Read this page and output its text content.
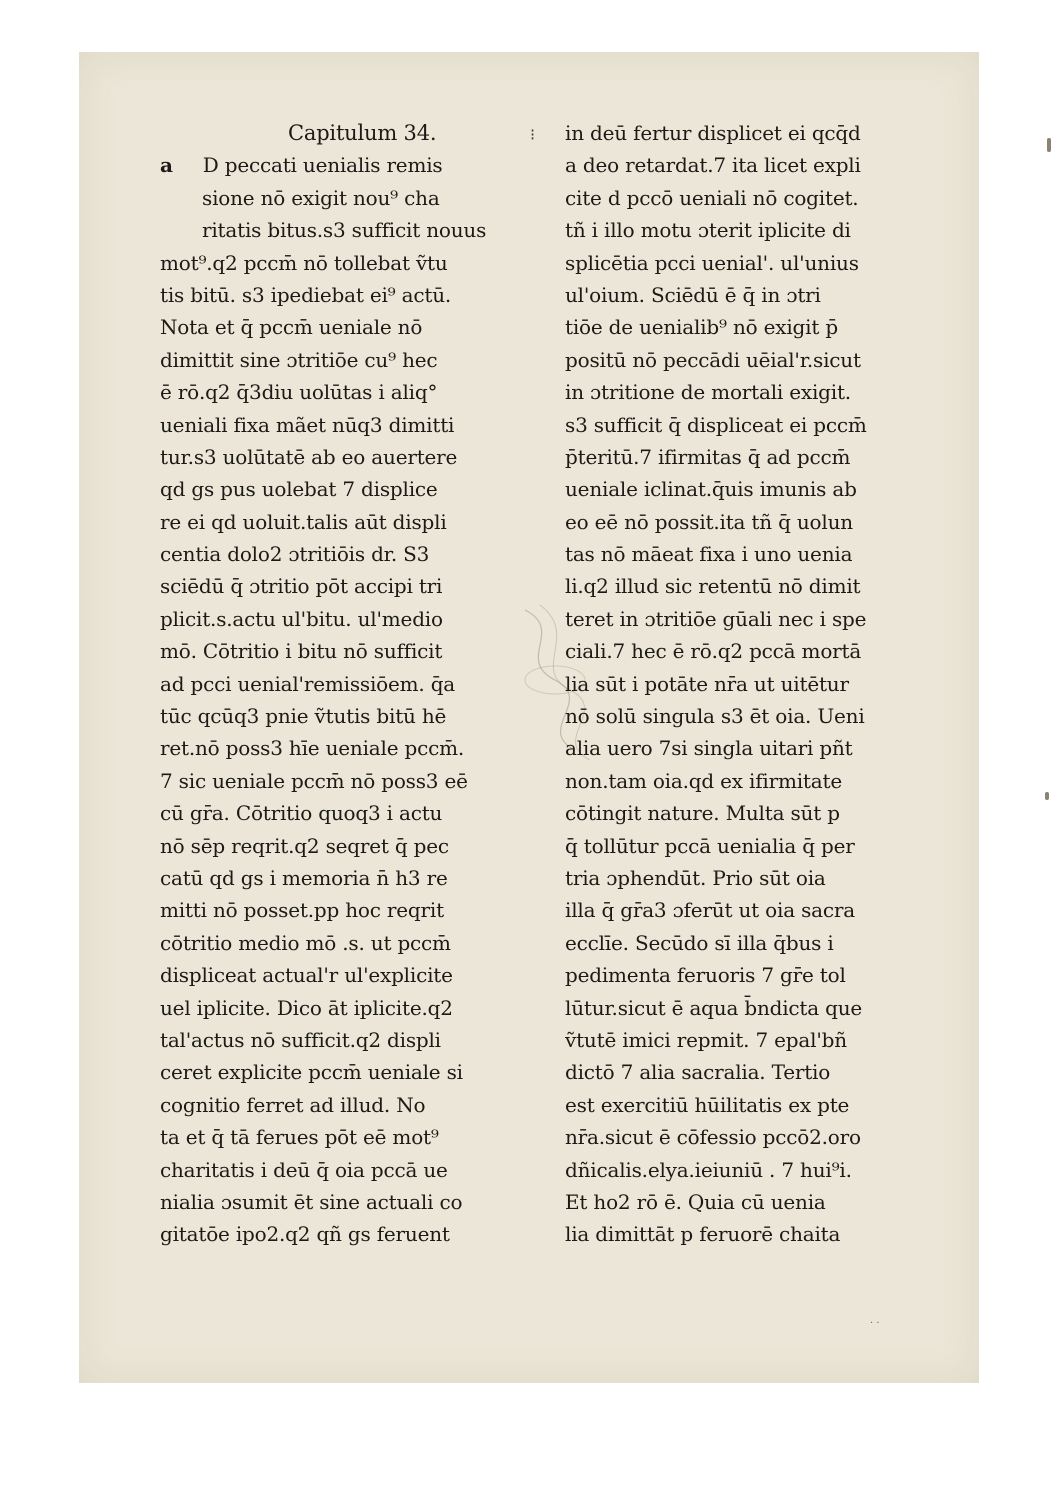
⁝
Capitulum 34.
a D peccati uenialis remis
sione nō exigit nou⁹ cha
ritatis bitus.s3 sufficit nouus
mot⁹.q2 pccm̄ nō tollebat ṽtu
tis bitū. s3 ipediebat ei⁹ actū.
Nota et q̄ pccm̄ ueniale nō
dimittit sine ɔtritiōe cu⁹ hec
ē rō.q2 q̄3diu uolūtas i aliq°
ueniali fixa mãet nūq3 dimitti
tur.s3 uolūtatē ab eo auertere
qd gs pus uolebat 7 displice
re ei qd uoluit.talis aūt displi
centia dolo2 ɔtritiōis dr. S3
sciēdū q̄ ɔtritio pōt accipi tri
plicit.s.actu ul'bitu. ul'medio
mō. Cōtritio i bitu nō sufficit
ad pcci uenial'remissiōem. q̄a
tūc qcūq3 pnie ṽtutis bitū hē
ret.nō poss3 hīe ueniale pccm̄.
7 sic ueniale pccm̄ nō poss3 eē
cū gr̄a. Cōtritio quoq3 i actu
nō sēp reqrit.q2 seqret q̄ pec
catū qd gs i memoria n̄ h3 re
mitti nō posset.pp hoc reqrit
cōtritio medio mō .s. ut pccm̄
displiceat actual'r ul'explicite
uel iplicite. Dico āt iplicite.q2
tal'actus nō sufficit.q2 displi
ceret explicite pccm̄ ueniale si
cognitio ferret ad illud. No
ta et q̄ tā ferues pōt eē mot⁹
charitatis i deū q̄ oia pccā ue
nialia ɔsumit ēt sine actuali co
gitatōe ipo2.q2 qñ gs feruent
in deū fertur displicet ei qcq̄d
a deo retardat.7 ita licet expli
cite d pccō ueniali nō cogitet.
tñ i illo motu ɔterit iplicite di
splicētia pcci uenial'. ul'unius
ul'oium. Sciēdū ē q̄ in ɔtri
tiōe de uenialib⁹ nō exigit p̄
positū nō peccādi uēial'r.sicut
in ɔtritione de mortali exigit.
s3 sufficit q̄ displiceat ei pccm̄
p̄teritū.7 ifirmitas q̄ ad pccm̄
ueniale iclinat.q̄uis imunis ab
eo eē nō possit.ita tñ q̄ uolun
tas nō māeat fixa i uno uenia
li.q2 illud sic retentū nō dimit
teret in ɔtritiōe gūali nec i spe
ciali.7 hec ē rō.q2 pccā mortā
lia sūt i potāte nr̄a ut uitētur
nō solū singula s3 ēt oia. Ueni
alia uero 7si singla uitari pñt
non.tam oia.qd ex ifirmitate
cōtingit nature. Multa sūt p
q̄ tollūtur pccā uenialia q̄ per
tria ɔphendūt. Prio sūt oia
illa q̄ gr̄a3 ɔferūt ut oia sacra
ecclīe. Secūdo sī illa q̄bus i
pedimenta feruoris 7 gr̄e tol
lūtur.sicut ē aqua b̄ndicta que
ṽtutē imici repmit. 7 epal'bñ
dictō 7 alia sacralia. Tertio
est exercitiū hūilitatis ex pte
nr̄a.sicut ē cōfessio pccō2.oro
dñicalis.elya.ieiuniū . 7 hui⁹i.
Et ho2 rō ē. Quia cū uenia
lia dimittāt p feruorē chaita
· ·
